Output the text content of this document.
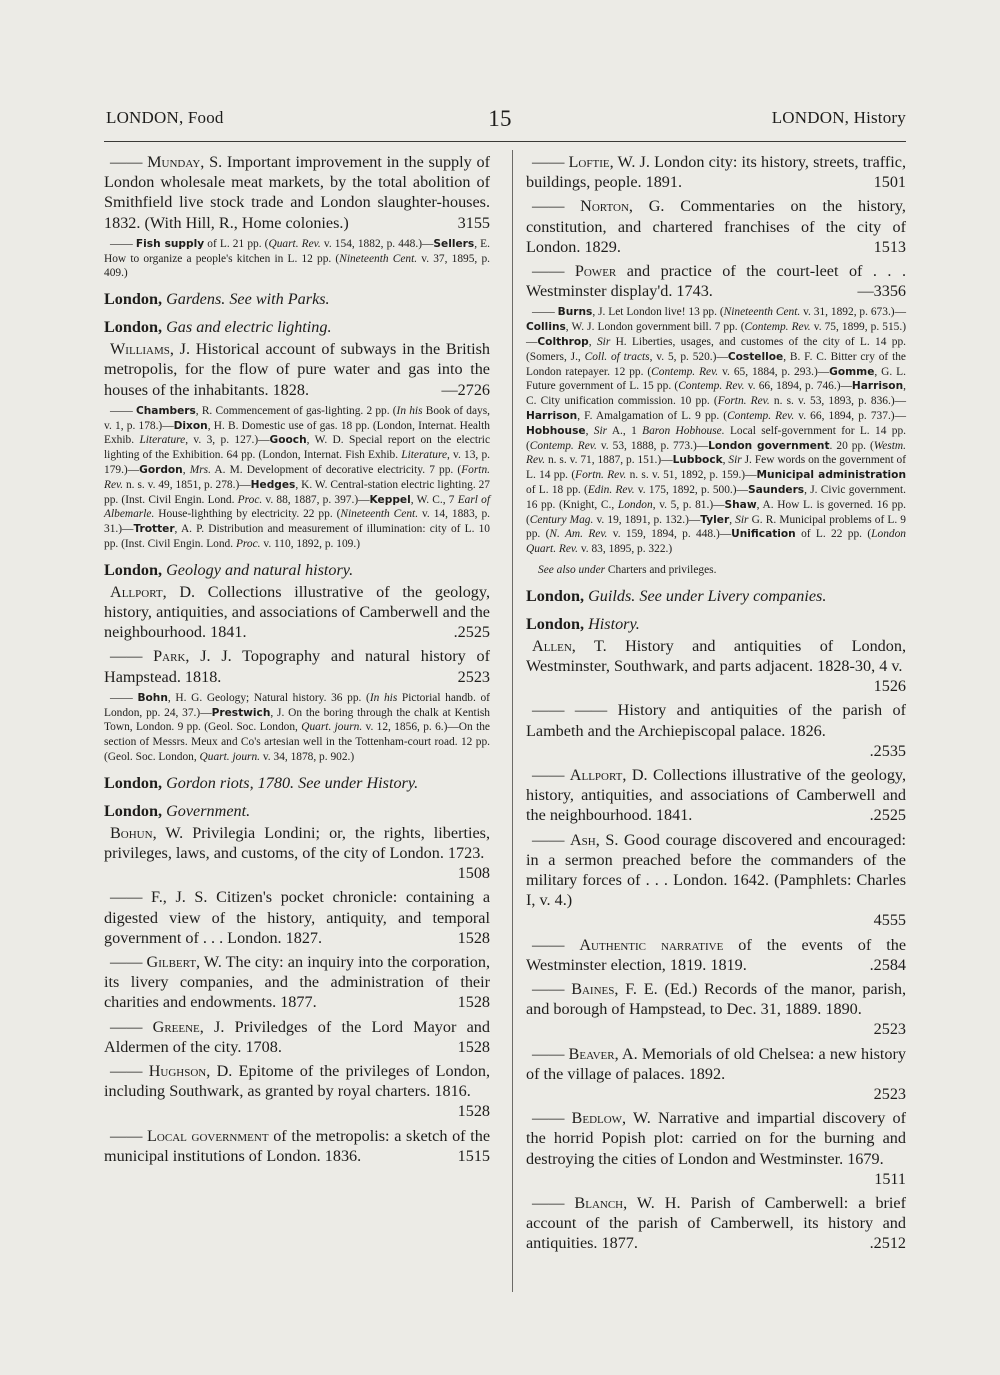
LONDON, Food	15	LONDON, History

—— Munday, S. Important improvement in the supply of London wholesale meat markets, by the total abolition of Smithfield live stock trade and London slaughter-houses. 1832. (With Hill, R., Home colonies.)	3155

—— Fish supply of L. 21 pp. (Quart. Rev. v. 154, 1882, p. 448.)—Sellers, E. How to organize a people's kitchen in L. 12 pp. (Nineteenth Cent. v. 37, 1895, p. 409.)

London, Gardens. See with Parks.

London, Gas and electric lighting.

Williams, J. Historical account of subways in the British metropolis, for the flow of pure water and gas into the houses of the inhabitants. 1828.	—2726

—— Chambers, R. Commencement of gas-lighting. 2 pp. (In his Book of days, v. 1, p. 178.)—Dixon, H. B. Domestic use of gas. 18 pp. (London, Internat. Health Exhib. Literature, v. 3, p. 127.)—Gooch, W. D. Special report on the electric lighting of the Exhibition. 64 pp. (London, Internat. Fish Exhib. Literature, v. 13, p. 179.)—Gordon, Mrs. A. M. Development of decorative electricity. 7 pp. (Fortn. Rev. n. s. v. 49, 1851, p. 278.)—Hedges, K. W. Central-station electric lighting. 27 pp. (Inst. Civil Engin. Lond. Proc. v. 88, 1887, p. 397.)—Keppel, W. C., 7 Earl of Albemarle. House-lighthing by electricity. 22 pp. (Nineteenth Cent. v. 14, 1883, p. 31.)—Trotter, A. P. Distribution and measurement of illumination: city of L. 10 pp. (Inst. Civil Engin. Lond. Proc. v. 110, 1892, p. 109.)

London, Geology and natural history.

Allport, D. Collections illustrative of the geology, history, antiquities, and associations of Camberwell and the neighbourhood. 1841.	.2525

—— Park, J. J. Topography and natural history of Hampstead. 1818.	2523

—— Bohn, H. G. Geology; Natural history. 36 pp. (In his Pictorial handb. of London, pp. 24, 37.)—Prestwich, J. On the boring through the chalk at Kentish Town, London. 9 pp. (Geol. Soc. London, Quart. journ. v. 12, 1856, p. 6.)—On the section of Messrs. Meux and Co's artesian well in the Tottenham-court road. 12 pp. (Geol. Soc. London, Quart. journ. v. 34, 1878, p. 902.)

London, Gordon riots, 1780. See under History.

London, Government.

Bohun, W. Privilegia Londini; or, the rights, liberties, privileges, laws, and customs, of the city of London. 1723.
1508

—— F., J. S. Citizen's pocket chronicle: containing a digested view of the history, antiquity, and temporal government of . . . London. 1827.	1528

—— Gilbert, W. The city: an inquiry into the corporation, its livery companies, and the administration of their charities and endowments. 1877.	1528

—— Greene, J. Priviledges of the Lord Mayor and Aldermen of the city. 1708.	1528

—— Hughson, D. Epitome of the privileges of London, including Southwark, as granted by royal charters. 1816.
1528

—— Local government of the metropolis: a sketch of the municipal institutions of London. 1836.	1515

—— Loftie, W. J. London city: its history, streets, traffic, buildings, people. 1891.	1501

—— Norton, G. Commentaries on the history, constitution, and chartered franchises of the city of London. 1829.	1513

—— Power and practice of the court-leet of . . . Westminster display'd. 1743.	—3356

—— Burns, J. Let London live! 13 pp. (Nineteenth Cent. v. 31, 1892, p. 673.)—Collins, W. J. London government bill. 7 pp. (Contemp. Rev. v. 75, 1899, p. 515.)—Colthrop, Sir H. Liberties, usages, and customes of the city of L. 14 pp. (Somers, J., Coll. of tracts, v. 5, p. 520.)—Costelloe, B. F. C. Bitter cry of the London ratepayer. 12 pp. (Contemp. Rev. v. 65, 1884, p. 293.)—Gomme, G. L. Future government of L. 15 pp. (Contemp. Rev. v. 66, 1894, p. 746.)—Harrison, C. City unification commission. 10 pp. (Fortn. Rev. n. s. v. 53, 1893, p. 836.)—Harrison, F. Amalgamation of L. 9 pp. (Contemp. Rev. v. 66, 1894, p. 737.)—Hobhouse, Sir A., 1 Baron Hobhouse. Local self-government for L. 14 pp. (Contemp. Rev. v. 53, 1888, p. 773.)—London government. 20 pp. (Westm. Rev. n. s. v. 71, 1887, p. 151.)—Lubbock, Sir J. Few words on the government of L. 14 pp. (Fortn. Rev. n. s. v. 51, 1892, p. 159.)—Municipal administration of L. 18 pp. (Edin. Rev. v. 175, 1892, p. 500.)—Saunders, J. Civic government. 16 pp. (Knight, C., London, v. 5, p. 81.)—Shaw, A. How L. is governed. 16 pp. (Century Mag. v. 19, 1891, p. 132.)—Tyler, Sir G. R. Municipal problems of L. 9 pp. (N. Am. Rev. v. 159, 1894, p. 448.)—Unification of L. 22 pp. (London Quart. Rev. v. 83, 1895, p. 322.)

See also under Charters and privileges.

London, Guilds. See under Livery companies.

London, History.

Allen, T. History and antiquities of London, Westminster, Southwark, and parts adjacent. 1828-30, 4 v.
1526

—— —— History and antiquities of the parish of Lambeth and the Archiepiscopal palace. 1826.
.2535

—— Allport, D. Collections illustrative of the geology, history, antiquities, and associations of Camberwell and the neighbourhood. 1841.	.2525

—— Ash, S. Good courage discovered and encouraged: in a sermon preached before the commanders of the military forces of . . . London. 1642. (Pamphlets: Charles I, v. 4.)
4555

—— Authentic narrative of the events of the Westminster election, 1819. 1819.	.2584

—— Baines, F. E. (Ed.) Records of the manor, parish, and borough of Hampstead, to Dec. 31, 1889. 1890.
2523

—— Beaver, A. Memorials of old Chelsea: a new history of the village of palaces. 1892.
2523

—— Bedlow, W. Narrative and impartial discovery of the horrid Popish plot: carried on for the burning and destroying the cities of London and Westminster. 1679.
1511

—— Blanch, W. H. Parish of Camberwell: a brief account of the parish of Camberwell, its history and antiquities. 1877.	.2512
